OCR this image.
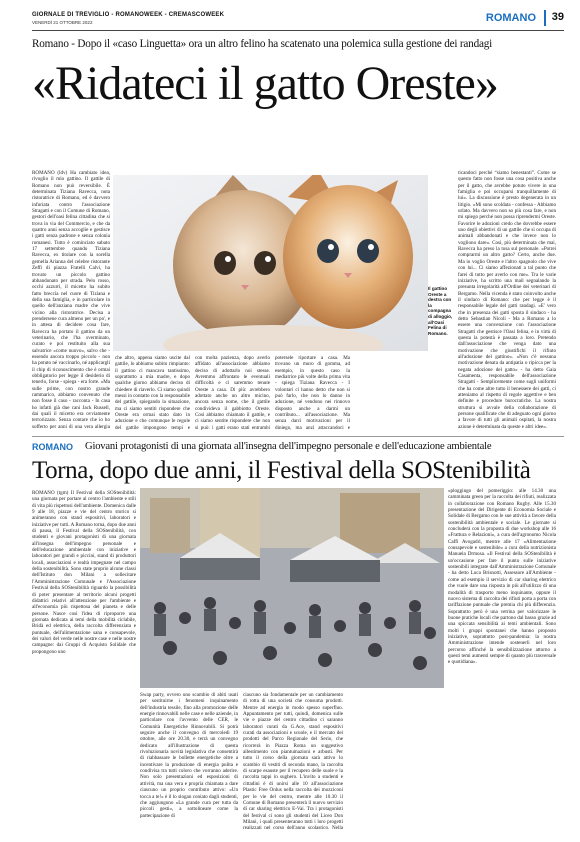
GIORNALE DI TREVIGLIO - ROMANOWEEK - CREMASCOWEEK
VENERDÌ 21 OTTOBRE 2022	ROMANO 39
Romano - Dopo il «caso Linguetta» ora un altro felino ha scatenato una polemica sulla gestione dei randagi
«Ridateci il gatto Oreste»
ROMANO (ldv) Ha cambiato idea, rivoglio il mio gattino. Il gattile di Romano non può reversibile. È determinata Tiziana Ravecca, nota ristoratrice di Romano, ed è davvero infuriata contro l'associazione Stragatti e con il Comune di Romano, gestori dell'oasi felina cittadina che si trova in via del Commercio, e che da quattro anni senza accoglie e gestisce i gatti senza padrone e senza colonia romanesi. Tutto è cominciato sabato 17 settembre quando Tiziana Ravecca, ex titolare con la sorella gemella Arianna del celebre ristorante Zeffi di piazza Fratelli Calvi, ha trovato un piccolo gattino abbandonato per strada. Pelo rosso, occhi azzurri, il micetto ha subito fatto breccia nel cuore di Tiziana e della sua famiglia, e in particolare in quello dell'anziana madre che vive vicino alla ristoratrice. Decisa a prendersene cura almeno per un po', e in attesa di decidere cosa fare, Ravecca ha portato il gattino da un veterinario, che l'ha sverminato, curato e poi restituito alla sua salvatrice «come nuovo», salvo che - essendo ancora troppo piccolo - non ha potuto né vaccinarlo, né applicargli il chip di riconoscimento che è ormai obbligatorio per legge il desiderio di tenerlo, forse - spiega - era forte. «Ma sulle prime, con nostro grande rammarico, abbiamo convenuto che non fosse il caso - racconta - In casa ho infatti già due cani Jack Russell, dai quali il micetto era ovviamente terrorizzato. Senza contare che io ho sofferto per anni di una vera allergia
che altro, appena siamo uscite dal gattile, lo abbiamo subito rimpianto: il gattino ci mancava tantissimo, soprattutto a mia madre, e dopo qualche giorno abbiamo deciso di chiedere di riaverlo. Ci siamo quindi messi in contatto con la responsabile del gattile, spiegando la situazione, ma ci siamo sentiti rispondere che Oreste era ormai stato dato in adozione e che comunque le regole del gattile impongono tempi e
con molta pazienza, dopo averlo affidato all'associazione abbiamo deciso di adottarlo noi stesse. Avremmo affrontato le eventuali difficoltà e ci saremmo tenute Oreste a casa. Di più: avrebbero adottato anche un altro micino, ancora senza nome, che il gattile condivideva il gabbiotto Oreste. Così abbiamo chiamato il gattile, e ci siamo sentite rispondere che non si può: i gatti erano stati entrambi
potersele riportare a casa. Ma trovano un muro di gomma, ad esempio, in questo caso la mediatrice più volte della prima vita - spiega Tiziana Ravecca - I volontari ci hanno detto che non si può farlo, che non lo danno in adozione, né vendono nei rinnovo disposto anche a darmi un contributo... all'associazione. Ma senza darci motivazioni per il diniego, ma anzi attaccandoci e
ticandoci perché “siamo benestanti”. Come se questo fatto non fosse una cosa positiva anche per il gatto, che avrebbe potuto vivere in una famiglia e poi occuparsi tranquillamente di lui». La discussione è presto degenerata in un litigio. «Mi sono scoldata - confessa - Abbiamo urlato. Ma davvero non so più cosa fare, e non mi spiego perché non possa riprendermi Oreste. Favorire le adozioni credo che dovrebbe essere uno degli obiettivi di un gattile che si occupa di animali abbandonati e che invece non lo vogliono dare». Così, più determinata che mai, Ravecca ha preso la tosa sul personale. «Potrei comprarmi un altro gatto? Certo, anche due. Ma io voglio Oreste e l'altro spagnolo che vive con lui... Ci siamo affezionati a tal punto che farei di tutto per averlo con me». Tra le varie iniziative, ha scritto una mail segnalando la presunta irregolarità all'Ordine dei veterinari di Bergamo. Nella vicenda è stato coinvolto anche il sindaco di Romano: che per legge è il responsabile legale del gatti randagi. «E' vero che in presenza dei gatti sposta il sindaco - ha detto Sebastian Nicoli - Ma a Romano a lo essere una convenzione con l'associazione Stragatti che gestisce l'Oasi felina, e in virtù di questa la potestà è passata a loro. Pretendo dall'associazione che venga dato una motivazione che giustifichi il rifiuto all'adozione del gattino». «Non c'è nessuna motivazione denata da antipatia o ripicca per la negata adozione del gatto» - ha detto Gaia Casamenta, responsabile dell'associazione Stragatti - Semplicemente come sugli uniformi che ha come altre tutto il benessere dei gatti, ci atteniamo al rispetto di regole aggettive e ben definite e procedure burocratiche. La nostra struttura si avvale della collaborazione di persone qualificate che di adeguato ogni giorno a favore di tutti gli animali ospitati, la nostra azione è determinata da queste e altri idee».
Il gattino Oreste a destra con la compagna di alloggio, all'Oasi Felina di Romano.
ROMANO Giovani protagonisti di una giornata all'insegna dell'impegno personale e dell'educazione ambientale
Torna, dopo due anni, il Festival della SOStenibilità
ROMANO (tgm) Il Festival della SOStenibilità: una giornata per portare al centro l'ambiente e stili di vita più rispettosi dell'ambiente. Domenica dalle 9 alle 18, piazze e vie del centro storico si animeranno con stand espositivi, laboratori e iniziative per tutti. A Romano torna, dopo due anni di pausa, il Festival della SOStenibilità, con studenti e giovani protagonisti di una giornata all'insegna dell'impegno personale e dell'educazione ambientale con iniziative e laboratori per grandi e piccini, stand di produttori locali, associazioni e realtà impegnate nel campo della sostenibilità. Sono state proprio alcune classi dell'Istituto don Milani a sollecitare l'Amministrazione Comunale e l'Associazione Festival della SOStenibilità riguardo la possibilità di poter presentare al territorio alcuni progetti didattici relativi all'attenzione per l'ambiente e all'economia più rispettosa del pianeta e delle persone. Nasce così l'idea di riproporre una giornata dedicata ai temi della mobilità ciclabile, Bridà ed elettrica, della raccolta differenziata e puntuale, dell'alimentazione sana e consapevole, dei valori del verde nelle nostre case e nelle nostre campagne: dai Gruppi di Acquisto Solidale che propongono uno
Swap party, ovvero uno scambio di abiti usati per sostituirne i fenomeni inquinamento dell'industria tessile, fino alla promozione delle energie rinnovabili nelle case e nelle aziende, in particolare con l'avvento delle CER, le Comunità Energetiche Rinnovabili. Si potrà seguire anche il convegno di mercoledì 19 ottobre, alle ore 20.30, e terrà un convegno dedicato all'illustrazione di questa rivoluzionaria novità legislativa che consentirà di riabbassare le bollette energetiche oltre a incentivare la produzione di energia pulita e condivisa tra tutti coloro che vorranno aderire. Non solo presentazioni ed esposizioni di attività, ma una vera e propria chiamata a dare ciascuno un proprio contributo attivo: «Un tocca a te!» è il lo slogan coniato dagli studenti, che aggiungono «La grande cura per tutta da piccoli gesti», a sottolineare come la partecipazione di
ciascuno sia fondamentale per un cambiamento di rotta di una società che consuma prodotti. Mentre ad energia in modo spesso superfluo. Appuntamento per tutti, quindi, domenica sulle vie e piazze del centro cittadino ci saranno laboratori curati da G.Ace, stand espositivi curati da associazioni e scuole, e il mercato dei prodotti del Parco Regionale del Serio, che ricorrerà in Piazza Roma un suggestivo allestimento con piantumazioni e arbusti. Per tutto il corso della giornata sarà attivo lo scambio di vestiti di seconda mano, la raccolta di scarpe esauste per il recupero delle suole e la raccolta tappi in sughero. L'invito a studenti e cittadini è di unirsi alle 10 all'associazione Plastic Free Onlus nella raccolta dei mozziconi per le vie del centro, mentre alle 10.30 il Comune di Romano presenterà il nuovo servizio di car sharing elettrico E-Vai. Tra i protagonisti del festival ci sono gli studenti del Liceo Don Milani, i quali presenteranno tutti i loro progetti realizzati nel corso dell'anno scolastico. Nella
«ploggingo del pomeriggio: alle 14.30 una camminata green per la raccolta dei rifiuti, realizzata in collaborazione con Romano Rugby. Alle 15.30 presentazione del Dirigente di Economia Sociale e Solidale di Bergamo con le sue attività a favore della sostenibilità ambientale e sociale. Le giornate si concluderà con la proposta di due workshop alle 16 «Frattura e Relazioni», a cura dell'agronomo Nicola Caffi Avogadri, mentre alle 17 «Alimentazione consapevole e sostenibile» a cura della nutrizionista Manuela Drmosa. «Il Festival della SOStenibilità è un'occasione per fare il punto sulle iniziative sostenibili integrate dall'Amministrazione Comunale - ha detto Luca Brisnotti, Assessore all'Ambiente - come ad esempio il servizio di car sharing elettrico che vuole dare una risposta in più all'utilizzo di una modalità di trasporto meno inquinante, oppure il nuovo sistema di raccolta dei rifiuti porta a porta con tariffazione puntuale che premia chi più differenzia. Soprattutto però è una vetrina per valorizzare le buone pratiche locali che partono dal basso grazie ad una spiccata sensibilità ai temi ambientali. Sono molti i gruppi spontanei che hanno proposto iniziative, soprattutto post-pandemia: la nostra Amministrazione intende sostenerli nel loro percorso affinché la sensibilizzazione attorno a questi temi aumenti sempre di quanto più trasversale e quotidiana».
